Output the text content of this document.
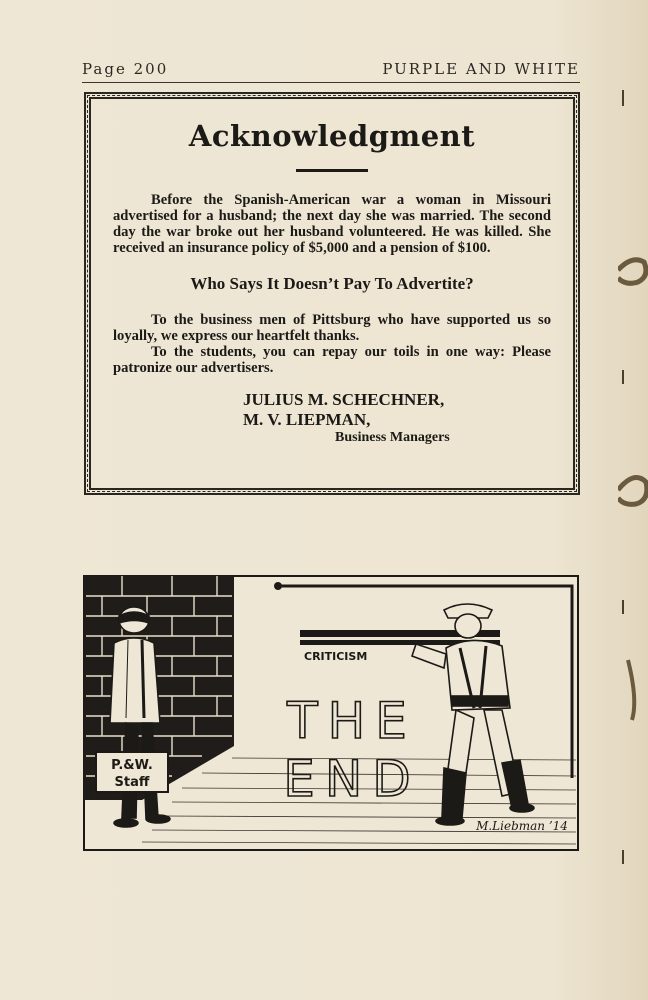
Page 200	PURPLE AND WHITE
Acknowledgment

Before the Spanish-American war a woman in Missouri advertised for a husband; the next day she was married. The second day the war broke out her husband volunteered. He was killed. She received an insurance policy of $5,000 and a pension of $100.

Who Says It Doesn’t Pay To Advertite?

To the business men of Pittsburg who have supported us so loyally, we express our heartfelt thanks.

To the students, you can repay our toils in one way: Please patronize our advertisers.

JULIUS M. SCHECHNER,
M. V. LIEPMAN,
Business Managers
P.&W.
Staff
THE
END
CRITICISM
M.Liebman ’14
